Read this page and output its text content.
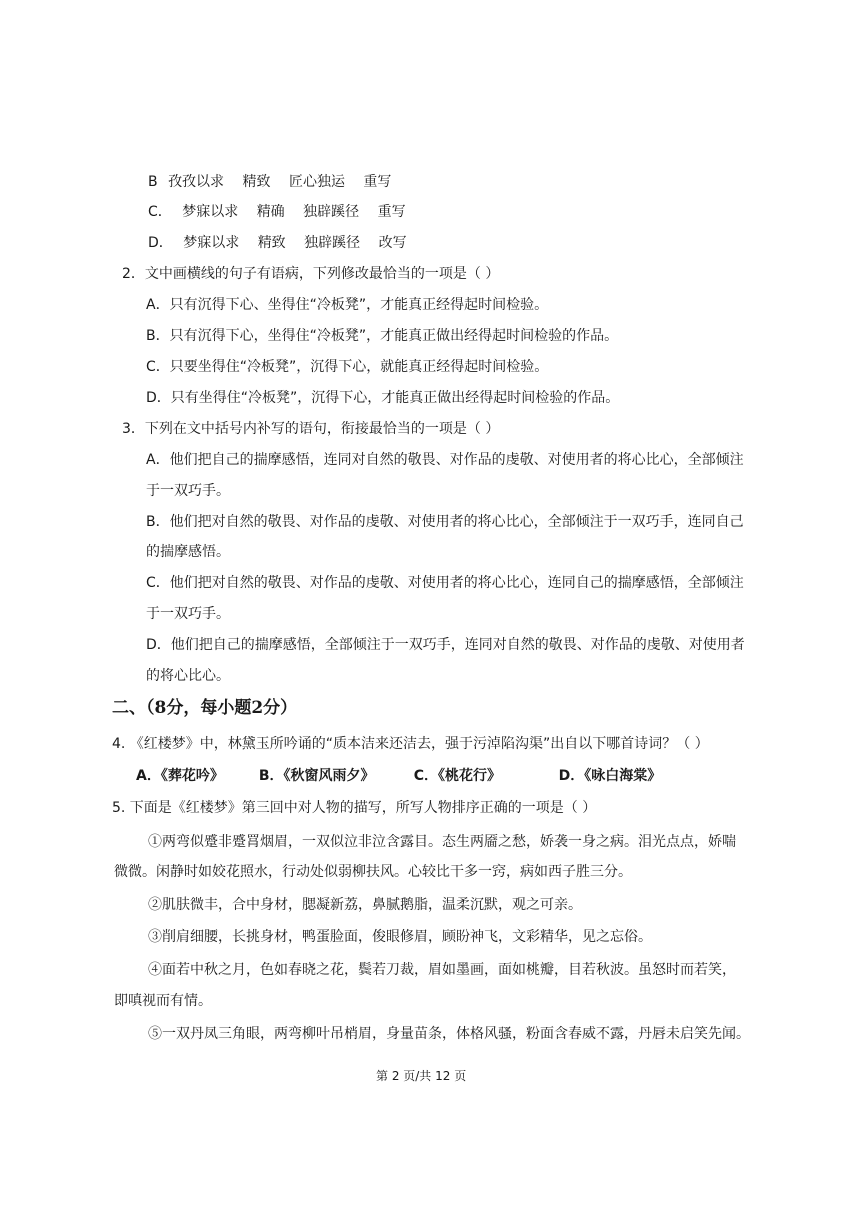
B 孜孜以求 精致 匠心独运 重写
C． 梦寐以求 精确 独辟蹊径 重写
D． 梦寐以求 精致 独辟蹊径 改写
2．文中画横线的句子有语病，下列修改最恰当的一项是（ ）
A．只有沉得下心、坐得住“冷板凳”，才能真正经得起时间检验。
B．只有沉得下心，坐得住“冷板凳”，才能真正做出经得起时间检验的作品。
C．只要坐得住“冷板凳”，沉得下心，就能真正经得起时间检验。
D．只有坐得住“冷板凳”，沉得下心，才能真正做出经得起时间检验的作品。
3．下列在文中括号内补写的语句，衔接最恰当的一项是（ ）
A．他们把自己的揣摩感悟，连同对自然的敬畏、对作品的虔敬、对使用者的将心比心，全部倾注
于一双巧手。
B．他们把对自然的敬畏、对作品的虔敬、对使用者的将心比心，全部倾注于一双巧手，连同自己
的揣摩感悟。
C．他们把对自然的敬畏、对作品的虔敬、对使用者的将心比心，连同自己的揣摩感悟，全部倾注
于一双巧手。
D．他们把自己的揣摩感悟，全部倾注于一双巧手，连同对自然的敬畏、对作品的虔敬、对使用者
的将心比心。
二、（8分，每小题2分）
4. 《红楼梦》中，林黛玉所吟诵的“质本洁来还洁去，强于污淖陷沟渠”出自以下哪首诗词？（ ）
A．《葬花吟》	B．《秋窗风雨夕》	C．《桃花行》	D．《咏白海棠》
5. 下面是《红楼梦》第三回中对人物的描写，所写人物排序正确的一项是（ ）
①两弯似蹙非蹙罥烟眉，一双似泣非泣含露目。态生两靥之愁，娇袭一身之病。泪光点点，娇喘
微微。闲静时如姣花照水，行动处似弱柳扶风。心较比干多一窍，病如西子胜三分。
②肌肤微丰，合中身材，腮凝新荔，鼻腻鹅脂，温柔沉默，观之可亲。
③削肩细腰，长挑身材，鸭蛋脸面，俊眼修眉，顾盼神飞，文彩精华，见之忘俗。
④面若中秋之月，色如春晓之花，鬓若刀裁，眉如墨画，面如桃瓣，目若秋波。虽怒时而若笑，
即嗔视而有情。
⑤一双丹凤三角眼，两弯柳叶吊梢眉，身量苗条，体格风骚，粉面含春威不露，丹唇未启笑先闻。
第 2 页/共 12 页
